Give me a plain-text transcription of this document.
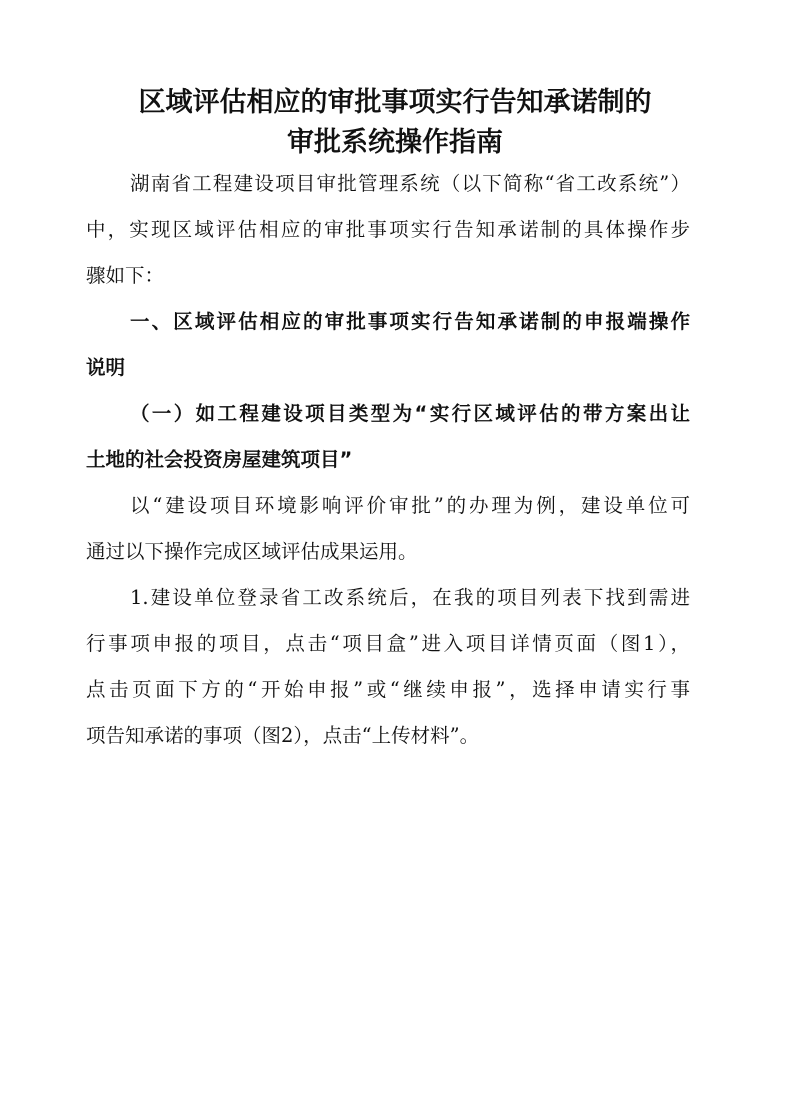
区域评估相应的审批事项实行告知承诺制的
审批系统操作指南
湖南省工程建设项目审批管理系统（以下简称“省工改系统”）
中，实现区域评估相应的审批事项实行告知承诺制的具体操作步
骤如下：
一、区域评估相应的审批事项实行告知承诺制的申报端操作
说明
（一）如工程建设项目类型为“实行区域评估的带方案出让
土地的社会投资房屋建筑项目”
以“建设项目环境影响评价审批”的办理为例，建设单位可
通过以下操作完成区域评估成果运用。
1.建设单位登录省工改系统后，在我的项目列表下找到需进
行事项申报的项目，点击“项目盒”进入项目详情页面（图1），
点击页面下方的“开始申报”或“继续申报”，选择申请实行事
项告知承诺的事项（图2），点击“上传材料”。
